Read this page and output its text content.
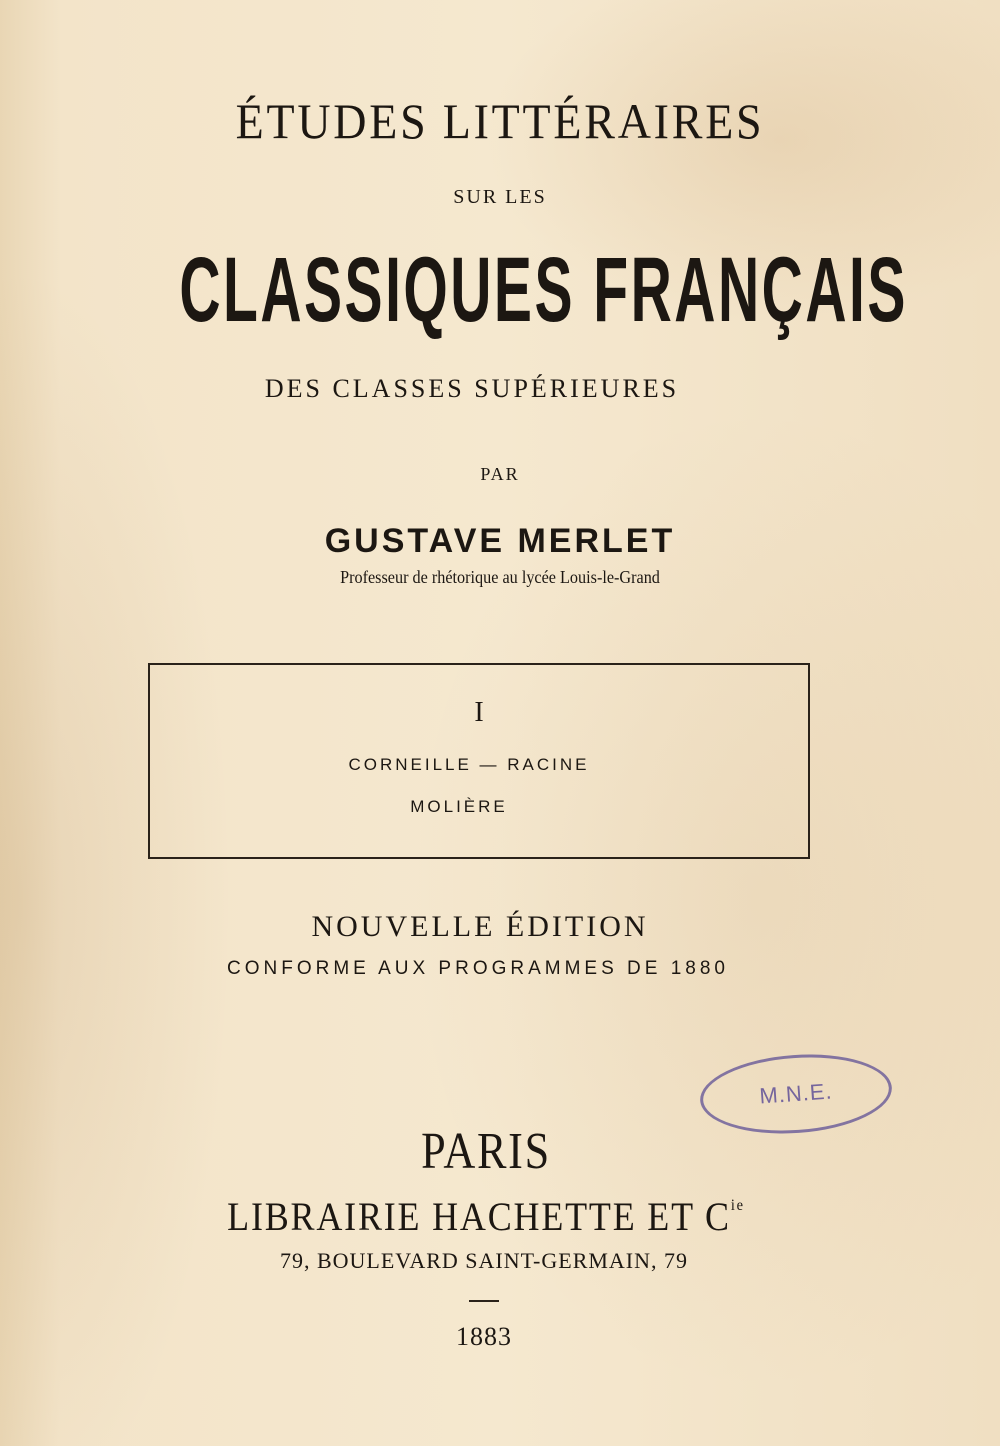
ÉTUDES LITTÉRAIRES
SUR LES
CLASSIQUES FRANÇAIS
DES CLASSES SUPÉRIEURES
PAR
GUSTAVE MERLET
Professeur de rhétorique au lycée Louis-le-Grand
I
CORNEILLE — RACINE
MOLIÈRE
NOUVELLE ÉDITION
CONFORME AUX PROGRAMMES DE 1880
M.N.E.
PARIS
LIBRAIRIE HACHETTE ET $C^{ie}$
79, BOULEVARD SAINT-GERMAIN, 79
1883
